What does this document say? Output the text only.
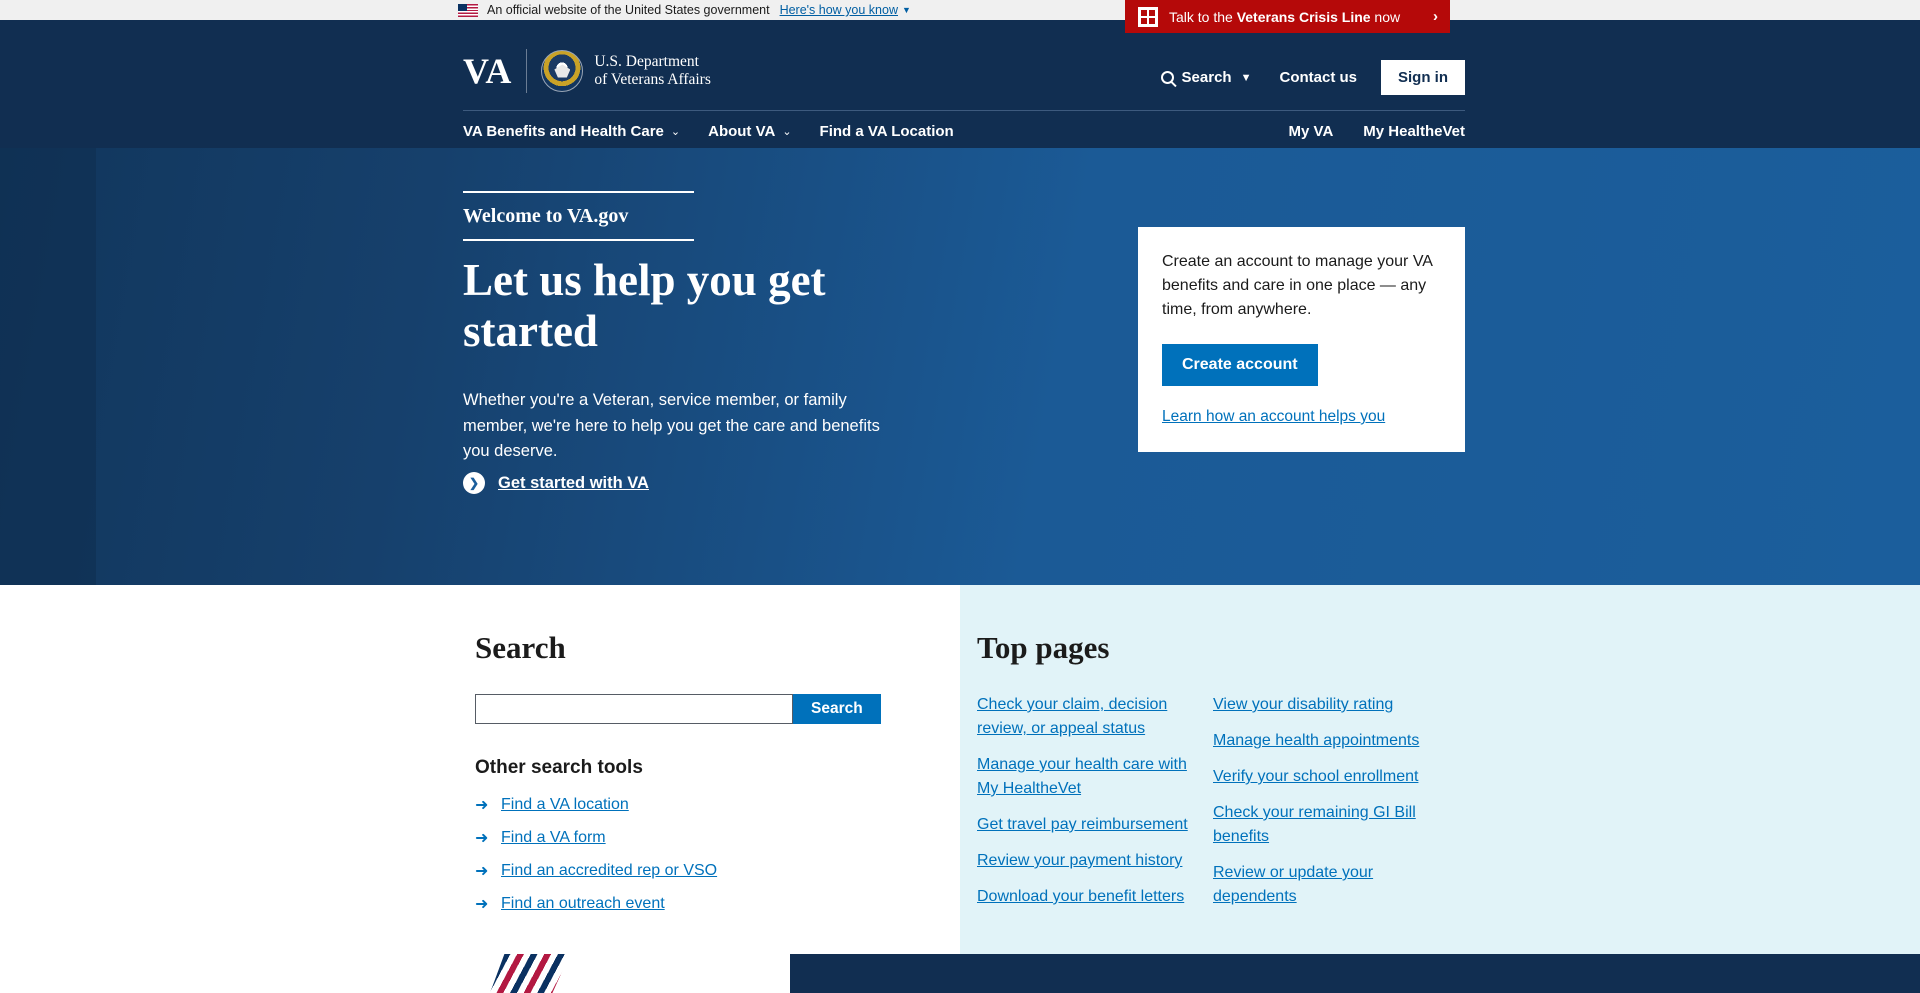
An official website of the United States government Here's how you know ▼	Talk to the Veterans Crisis Line now	›
VA	U.S. Department
of Veterans Affairs	Search ▼ Contact us	Sign in
VA Benefits and Health Care ⌄ About VA ⌄ Find a VA Location	My VA My HealtheVet
Welcome to VA.gov
Let us help you get started

Whether you're a Veteran, service member, or family member, we're here to help you get the care and benefits you deserve.

❯	Get started with VA

Create an account to manage your VA benefits and care in one place — any time, from anywhere.

Create account
Learn how an account helps you
Search
Search
Other search tools
➜ Find a VA location
➜ Find a VA form
➜ Find an accredited rep or VSO
➜ Find an outreach event
Top pages
Check your claim, decision review, or appeal status
Manage your health care with My HealtheVet
Get travel pay reimbursement
Review your payment history
Download your benefit letters
View your disability rating
Manage health appointments
Verify your school enrollment
Check your remaining GI Bill benefits
Review or update your dependents
